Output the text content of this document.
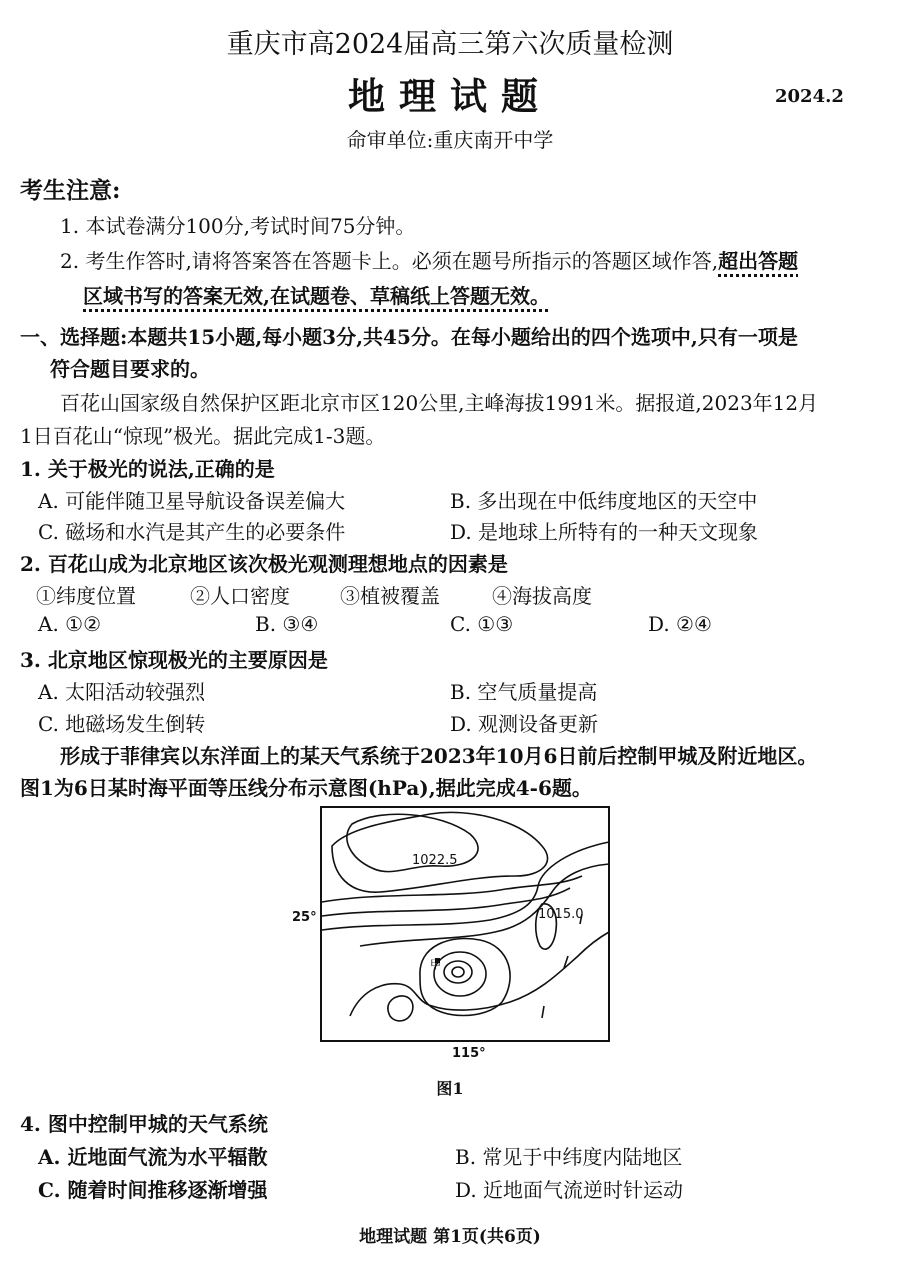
重庆市高2024届高三第六次质量检测
地理试题	2024.2
命审单位:重庆南开中学
考生注意:
1. 本试卷满分100分,考试时间75分钟。
2. 考生作答时,请将答案答在答题卡上。必须在题号所指示的答题区域作答,超出答题
区域书写的答案无效,在试题卷、草稿纸上答题无效。
一、选择题:本题共15小题,每小题3分,共45分。在每小题给出的四个选项中,只有一项是
符合题目要求的。
百花山国家级自然保护区距北京市区120公里,主峰海拔1991米。据报道,2023年12月
1日百花山“惊现”极光。据此完成1-3题。
1. 关于极光的说法,正确的是
A. 可能伴随卫星导航设备误差偏大	B. 多出现在中低纬度地区的天空中
C. 磁场和水汽是其产生的必要条件	D. 是地球上所特有的一种天文现象
2. 百花山成为北京地区该次极光观测理想地点的因素是
①纬度位置	②人口密度	③植被覆盖	④海拔高度
A. ①②	B. ③④	C. ①③	D. ②④
3. 北京地区惊现极光的主要原因是
A. 太阳活动较强烈	B. 空气质量提高
C. 地磁场发生倒转	D. 观测设备更新
形成于菲律宾以东洋面上的某天气系统于2023年10月6日前后控制甲城及附近地区。
图1为6日某时海平面等压线分布示意图(hPa),据此完成4-6题。
甲
1022.5
1015.0
25°
115°
图1
4. 图中控制甲城的天气系统
A. 近地面气流为水平辐散	B. 常见于中纬度内陆地区
C. 随着时间推移逐渐增强	D. 近地面气流逆时针运动
地理试题 第1页(共6页)
